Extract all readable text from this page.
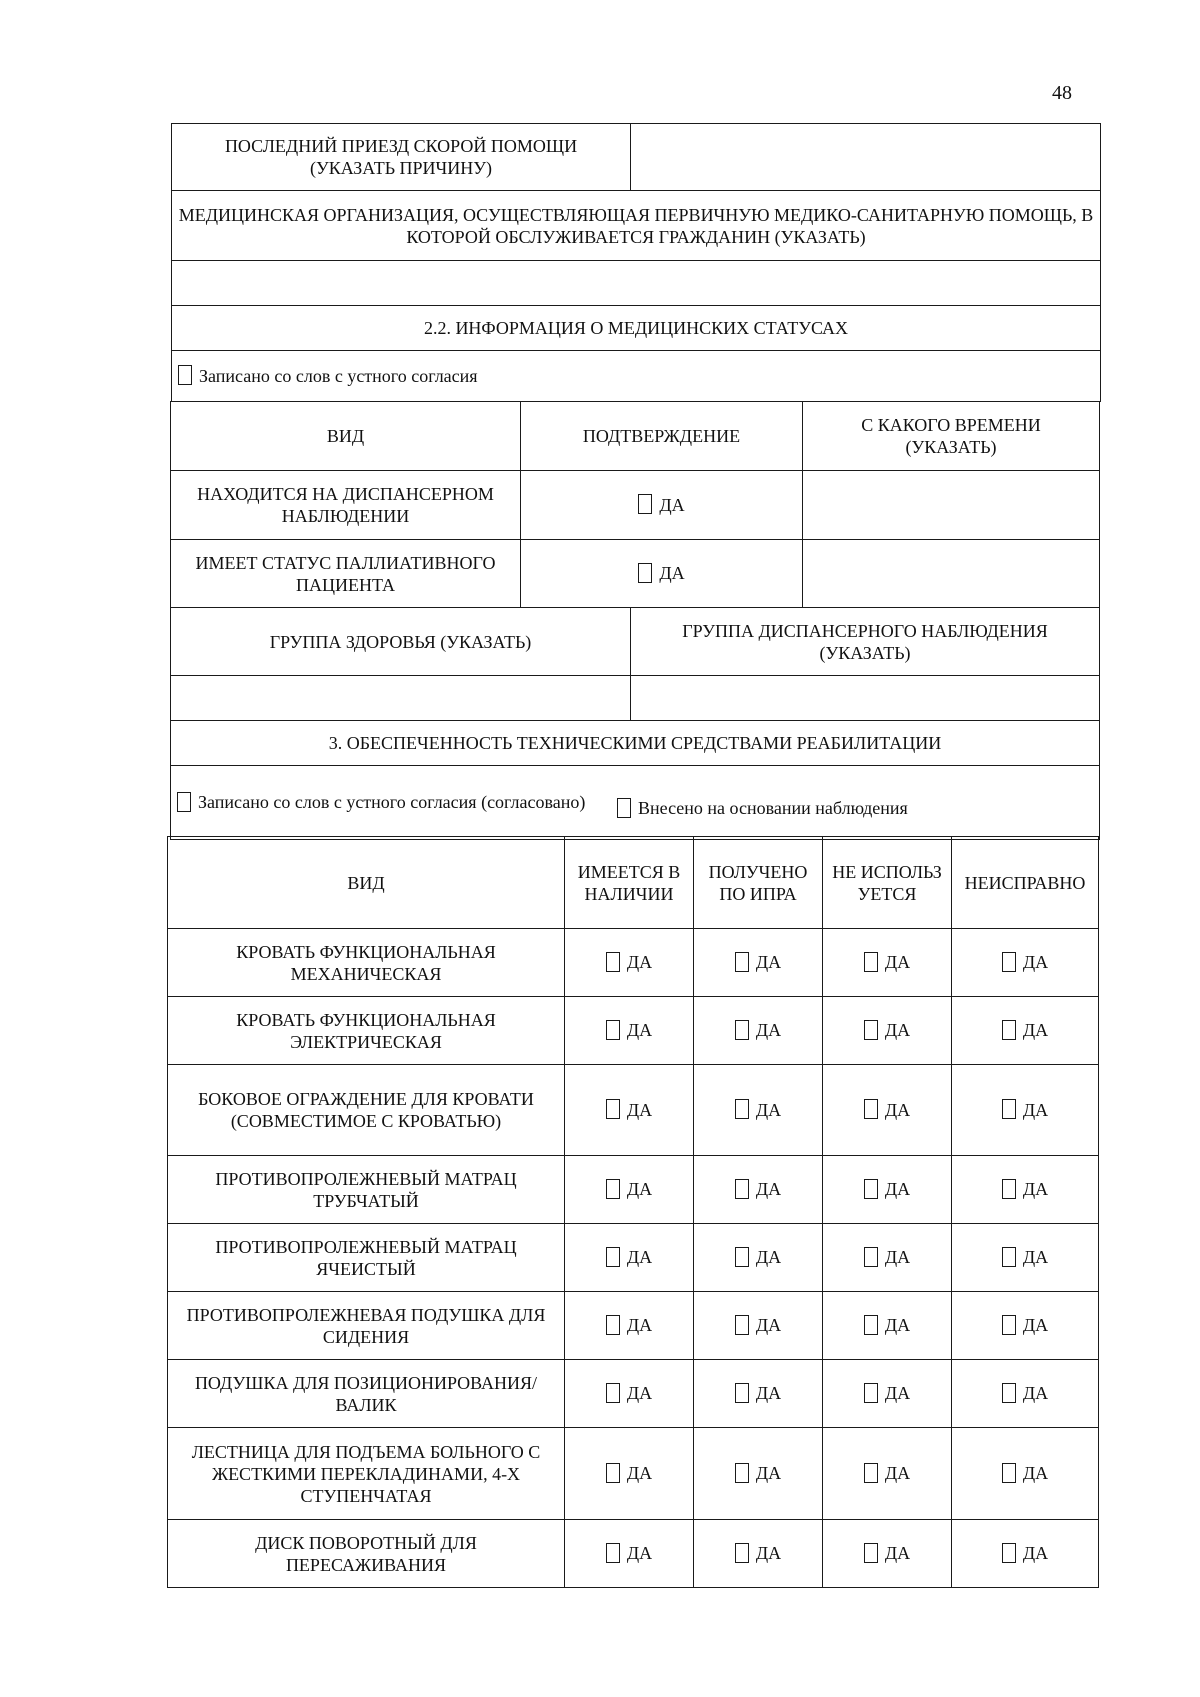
48
ПОСЛЕДНИЙ ПРИЕЗД СКОРОЙ ПОМОЩИ (УКАЗАТЬ ПРИЧИНУ)	
МЕДИЦИНСКАЯ ОРГАНИЗАЦИЯ, ОСУЩЕСТВЛЯЮЩАЯ ПЕРВИЧНУЮ МЕДИКО-САНИТАРНУЮ ПОМОЩЬ, В КОТОРОЙ ОБСЛУЖИВАЕТСЯ ГРАЖДАНИН (УКАЗАТЬ)

2.2. ИНФОРМАЦИЯ О МЕДИЦИНСКИХ СТАТУСАХ
Записано со слов с устного согласия
ВИД	ПОДТВЕРЖДЕНИЕ		С КАКОГО ВРЕМЕНИ (УКАЗАТЬ)
НАХОДИТСЯ НА ДИСПАНСЕРНОМ НАБЛЮДЕНИИ	ДА		
ИМЕЕТ СТАТУС ПАЛЛИАТИВНОГО ПАЦИЕНТА	ДА		
ГРУППА ЗДОРОВЬЯ (УКАЗАТЬ)		ГРУППА ДИСПАНСЕРНОГО НАБЛЮДЕНИЯ (УКАЗАТЬ)	

3. ОБЕСПЕЧЕННОСТЬ ТЕХНИЧЕСКИМИ СРЕДСТВАМИ РЕАБИЛИТАЦИИ			

Записано со слов с устного согласия (согласовано) Внесено на основании наблюдения			
ВИД	ИМЕЕТСЯ В НАЛИЧИИ	ПОЛУЧЕНО ПО ИПРА	НЕ ИСПОЛЬЗУЕТСЯ	НЕИСПРАВНО
КРОВАТЬ ФУНКЦИОНАЛЬНАЯ МЕХАНИЧЕСКАЯ	ДА	ДА	ДА	ДА
КРОВАТЬ ФУНКЦИОНАЛЬНАЯ ЭЛЕКТРИЧЕСКАЯ	ДА	ДА	ДА	ДА
БОКОВОЕ ОГРАЖДЕНИЕ ДЛЯ КРОВАТИ (СОВМЕСТИМОЕ С КРОВАТЬЮ)	ДА	ДА	ДА	ДА
ПРОТИВОПРОЛЕЖНЕВЫЙ МАТРАЦ ТРУБЧАТЫЙ	ДА	ДА	ДА	ДА
ПРОТИВОПРОЛЕЖНЕВЫЙ МАТРАЦ ЯЧЕИСТЫЙ	ДА	ДА	ДА	ДА
ПРОТИВОПРОЛЕЖНЕВАЯ ПОДУШКА ДЛЯ СИДЕНИЯ	ДА	ДА	ДА	ДА
ПОДУШКА ДЛЯ ПОЗИЦИОНИРОВАНИЯ/ВАЛИК	ДА	ДА	ДА	ДА
ЛЕСТНИЦА ДЛЯ ПОДЪЕМА БОЛЬНОГО С ЖЕСТКИМИ ПЕРЕКЛАДИНАМИ, 4-Х СТУПЕНЧАТАЯ	ДА	ДА	ДА	ДА
ДИСК ПОВОРОТНЫЙ ДЛЯ ПЕРЕСАЖИВАНИЯ	ДА	ДА	ДА	ДА
